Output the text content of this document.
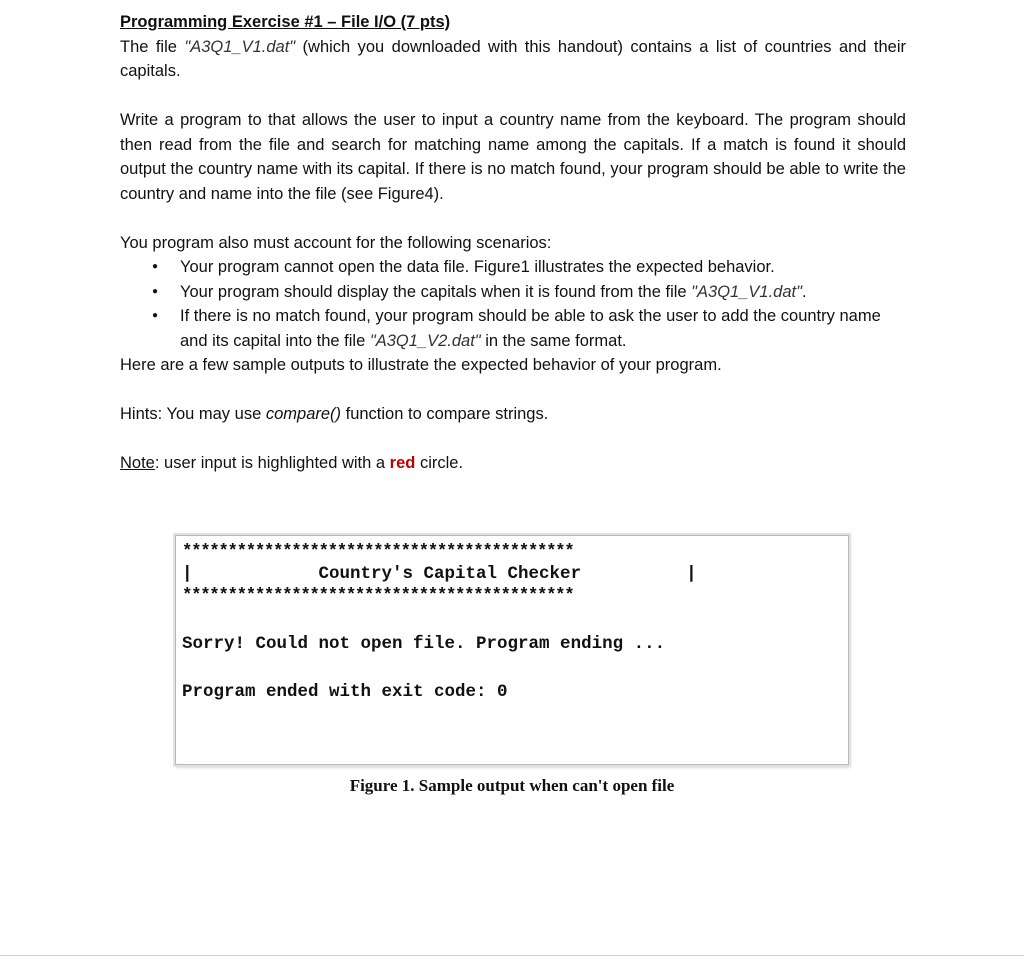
Programming Exercise #1 – File I/O (7 pts)

The file "A3Q1_V1.dat" (which you downloaded with this handout) contains a list of countries and their capitals.

Write a program to that allows the user to input a country name from the keyboard. The program should then read from the file and search for matching name among the capitals. If a match is found it should output the country name with its capital. If there is no match found, your program should be able to write the country and name into the file (see Figure4).

You program also must account for the following scenarios:

● Your program cannot open the data file. Figure1 illustrates the expected behavior.
● Your program should display the capitals when it is found from the file "A3Q1_V1.dat".
● If there is no match found, your program should be able to ask the user to add the country name and its capital into the file "A3Q1_V2.dat" in the same format.

Here are a few sample outputs to illustrate the expected behavior of your program.

Hints: You may use compare() function to compare strings.

Note: user input is highlighted with a red circle.

*******************************************
|            Country's Capital Checker          |
*******************************************
Sorry! Could not open file. Program ending ...
Program ended with exit code: 0
Figure 1. Sample output when can't open file
